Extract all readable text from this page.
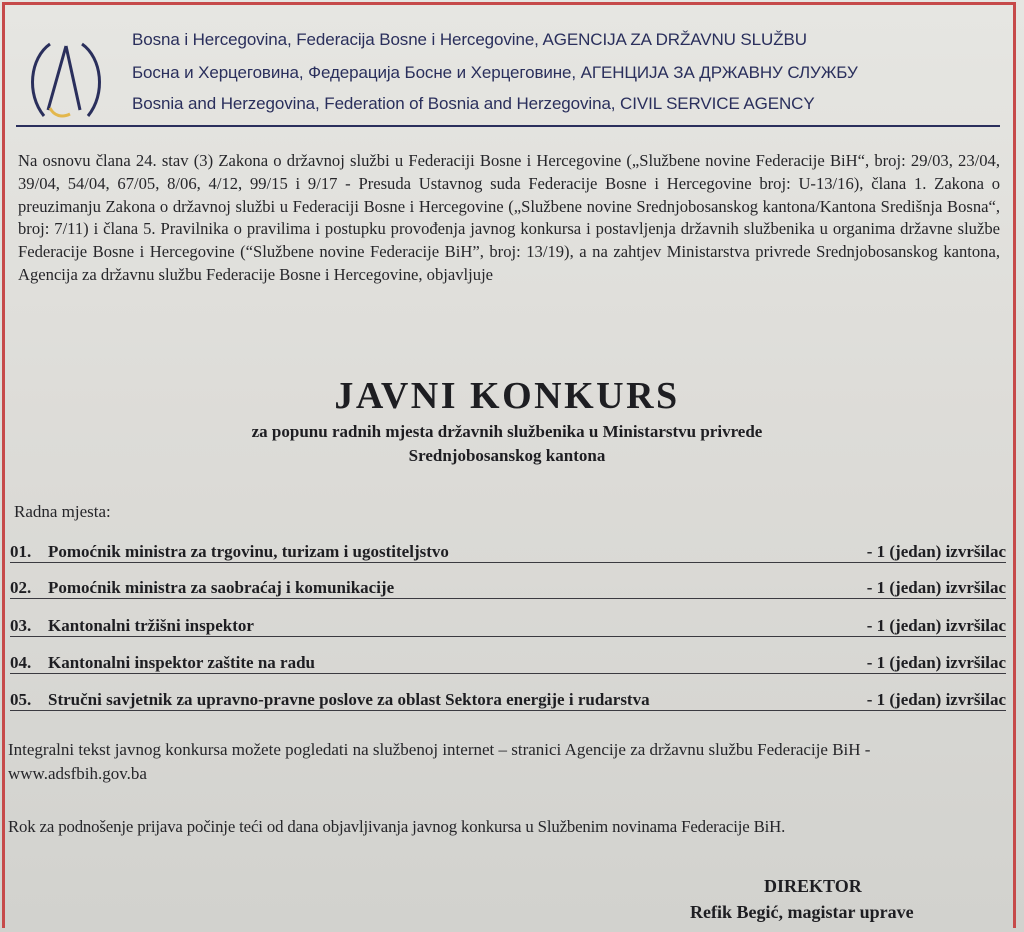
Bosna i Hercegovina, Federacija Bosne i Hercegovine, AGENCIJA ZA DRŽAVNU SLUŽBU
Босна и Херцеговина, Федерација Босне и Херцеговине, АГЕНЦИЈА ЗА ДРЖАВНУ СЛУЖБУ
Bosnia and Herzegovina, Federation of Bosnia and Herzegovina, CIVIL SERVICE AGENCY
Na osnovu člana 24. stav (3) Zakona o državnoj službi u Federaciji Bosne i Hercegovine („Službene novine Federacije BiH“, broj: 29/03, 23/04, 39/04, 54/04, 67/05, 8/06, 4/12, 99/15 i 9/17 - Presuda Ustavnog suda Federacije Bosne i Hercegovine broj: U-13/16), člana 1. Zakona o preuzimanju Zakona o državnoj službi u Federaciji Bosne i Hercegovine („Službene novine Srednjobosanskog kantona/Kantona Središnja Bosna“, broj: 7/11) i člana 5. Pravilnika o pravilima i postupku provođenja javnog konkursa i postavljenja državnih službenika u organima državne službe Federacije Bosne i Hercegovine (“Službene novine Federacije BiH”, broj: 13/19), a na zahtjev Ministarstva privrede Srednjobosanskog kantona, Agencija za državnu službu Federacije Bosne i Hercegovine, objavljuje
JAVNI KONKURS
za popunu radnih mjesta državnih službenika u Ministarstvu privrede
Srednjobosanskog kantona
Radna mjesta:
01. Pomoćnik ministra za trgovinu, turizam i ugostiteljstvo	- 1 (jedan) izvršilac
02. Pomoćnik ministra za saobraćaj i komunikacije	- 1 (jedan) izvršilac
03. Kantonalni tržišni inspektor	- 1 (jedan) izvršilac
04. Kantonalni inspektor zaštite na radu	- 1 (jedan) izvršilac
05. Stručni savjetnik za upravno-pravne poslove za oblast Sektora energije i rudarstva	- 1 (jedan) izvršilac
Integralni tekst javnog konkursa možete pogledati na službenoj internet – stranici Agencije za državnu službu Federacije BiH - www.adsfbih.gov.ba
Rok za podnošenje prijava počinje teći od dana objavljivanja javnog konkursa u Službenim novinama Federacije BiH.
DIREKTOR
Refik Begić, magistar uprave
